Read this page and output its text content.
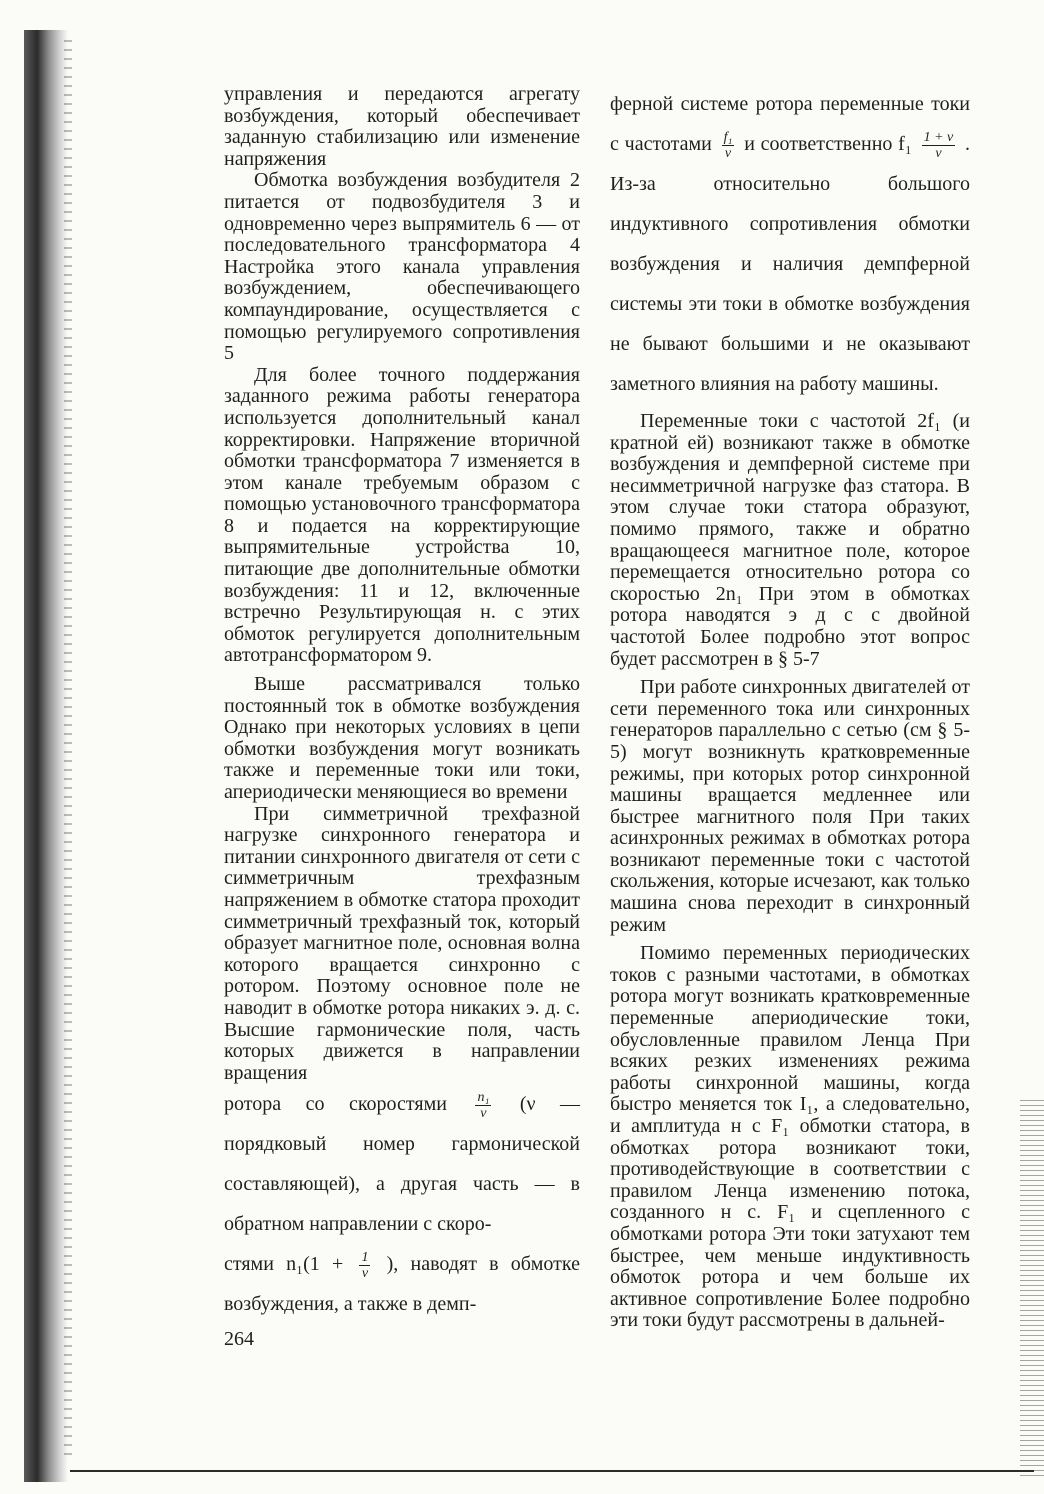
управления и передаются агрегату возбуждения, который обеспечивает заданную стабилизацию или изменение напряжения

Обмотка возбуждения возбудителя 2 питается от подвозбудителя 3 и одновременно через выпрямитель 6 — от последовательного трансформатора 4 Настройка этого канала управления возбуждением, обеспечивающего компаундирование, осуществляется с помощью регулируемого сопротивления 5

Для более точного поддержания заданного режима работы генератора используется дополнительный канал корректировки. Напряжение вторичной обмотки трансформатора 7 изменяется в этом канале требуемым образом с помощью установочного трансформатора 8 и подается на корректирующие выпрямительные устройства 10, питающие две дополнительные обмотки возбуждения: 11 и 12, включенные встречно Результирующая н. с этих обмоток регулируется дополнительным автотрансформатором 9.

Выше рассматривался только постоянный ток в обмотке возбуждения Однако при некоторых условиях в цепи обмотки возбуждения могут возникать также и переменные токи или токи, апериодически меняющиеся во времени

При симметричной трехфазной нагрузке синхронного генератора и питании синхронного двигателя от сети с симметричным трехфазным напряжением в обмотке статора проходит симметричный трехфазный ток, который образует магнитное поле, основная волна которого вращается синхронно с ротором. Поэтому основное поле не наводит в обмотке ротора никаких э. д. с. Высшие гармонические поля, часть которых движется в направлении вращения

ротора со скоростями $\frac{\text{n₁}}{\nu} (\nu$ — порядковый номер гармонической составляющей), а другая часть — в обратном направлении с скоро-

стями $n_1(1 + \frac{1}{\nu}$ ), наводят в обмотке возбуждения, а также в демп-

ферной системе ротора переменные токи с частотами $\frac{\text{f₁}}{\nu}$ и соответственно $f_1 \frac{1 + \nu}{\nu}$ . Из-за относительно большого индуктивного сопротивления обмотки возбуждения и наличия демпферной системы эти токи в обмотке возбуждения не бывают большими и не оказывают заметного влияния на работу машины.

Переменные токи с частотой 2f₁ (и кратной ей) возникают также в обмотке возбуждения и демпферной системе при несимметричной нагрузке фаз статора. В этом случае токи статора образуют, помимо прямого, также и обратно вращающееся магнитное поле, которое перемещается относительно ротора со скоростью 2n₁ При этом в обмотках ротора наводятся э д с с двойной частотой Более подробно этот вопрос будет рассмотрен в § 5-7

При работе синхронных двигателей от сети переменного тока или синхронных генераторов параллельно с сетью (см § 5-5) могут возникнуть кратковременные режимы, при которых ротор синхронной машины вращается медленнее или быстрее магнитного поля При таких асинхронных режимах в обмотках ротора возникают переменные токи с частотой скольжения, которые исчезают, как только машина снова переходит в синхронный режим

Помимо переменных периодических токов с разными частотами, в обмотках ротора могут возникать кратковременные переменные апериодические токи, обусловленные правилом Ленца При всяких резких изменениях режима работы синхронной машины, когда быстро меняется ток I₁, а следовательно, и амплитуда н с F₁ обмотки статора, в обмотках ротора возникают токи, противодействующие в соответствии с правилом Ленца изменению потока, созданного н с. F₁ и сцепленного с обмотками ротора Эти токи затухают тем быстрее, чем меньше индуктивность обмоток ротора и чем больше их активное сопротивление Более подробно эти токи будут рассмотрены в дальней-

264
